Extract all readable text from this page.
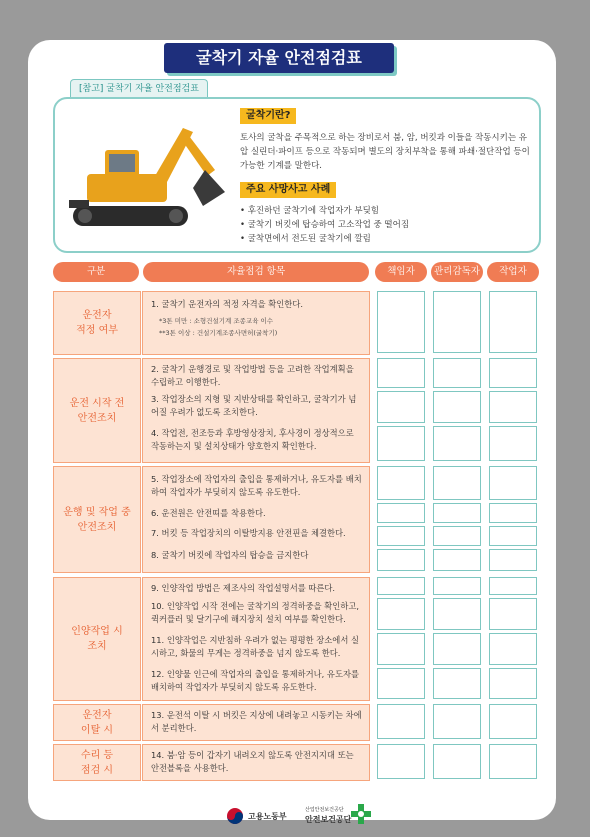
굴착기 자율 안전점검표
[참고] 굴착기 자율 안전점검표
굴착기란?
토사의 굴착을 주목적으로 하는 장비로서 붐, 암, 버킷과 이들을 작동시키는 유압 실린더·파이프 등으로 작동되며 별도의 장치부착을 통해 파쇄·절단작업 등이 가능한 기계를 말한다.
주요 사망사고 사례
• 후진하던 굴착기에 작업자가 부딪힘
• 굴착기 버킷에 탑승하여 고소작업 중 떨어짐
• 굴착면에서 전도된 굴착기에 깔림
구분	자율점검 항목	책임자	관리감독자	작업자
운전자
적정 여부
1. 굴착기 운전자의 적정 자격을 확인한다.
*3톤 미만 : 소형건설기계 조종교육 이수
**3톤 이상 : 건설기계조종사면허(굴착기)
운전 시작 전
안전조치
2. 굴착기 운행경로 및 작업방법 등을 고려한 작업계획을 수립하고 이행한다.
3. 작업장소의 지형 및 지반상태를 확인하고, 굴착기가 넘어질 우려가 없도록 조치한다.
4. 작업전, 전조등과 후방영상장치, 후사경이 정상적으로 작동하는지 및 설치상태가 양호한지 확인한다.
운행 및 작업 중
안전조치
5. 작업장소에 작업자의 출입을 통제하거나, 유도자를 배치하여 작업자가 부딪히지 않도록 유도한다.
6. 운전원은 안전띠를 착용한다.
7. 버킷 등 작업장치의 이탈방지용 안전핀을 체결한다.
8. 굴착기 버킷에 작업자의 탑승을 금지한다
인양작업 시
조치
9. 인양작업 방법은 제조사의 작업설명서를 따른다.
10. 인양작업 시작 전에는 굴착기의 정격하중을 확인하고, 퀵커플러 및 달기구에 해지장치 설치 여부를 확인한다.
11. 인양작업은 지반침하 우려가 없는 평평한 장소에서 실시하고, 화물의 무게는 정격하중을 넘지 않도록 한다.
12. 인양물 인근에 작업자의 출입을 통제하거나, 유도자를 배치하여 작업자가 부딪히지 않도록 유도한다.
운전자
이탈 시
13. 운전석 이탈 시 버킷은 지상에 내려놓고 시동키는 차에서 분리한다.
수리 등
점검 시
14. 붐·암 등이 갑자기 내려오지 않도록 안전지지대 또는 안전블록을 사용한다.
고용노동부
산업안전보건공단
안전보건공단
